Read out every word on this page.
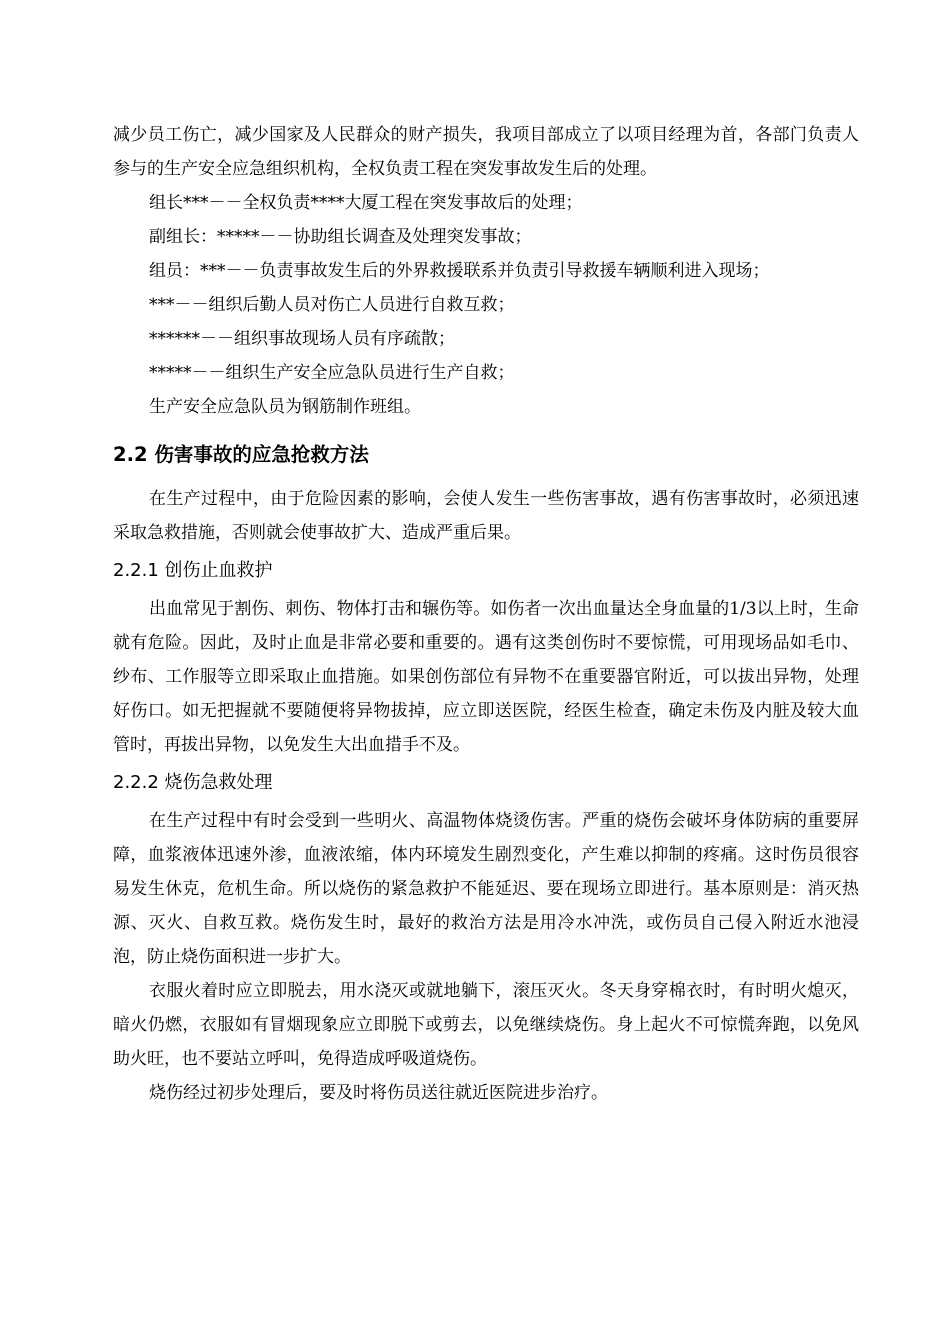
减少员工伤亡，减少国家及人民群众的财产损失，我项目部成立了以项目经理为首，各部门负责人参与的生产安全应急组织机构，全权负责工程在突发事故发生后的处理。

组长***－－全权负责****大厦工程在突发事故后的处理；

副组长：*****－－协助组长调查及处理突发事故；

组员：***－－负责事故发生后的外界救援联系并负责引导救援车辆顺利进入现场；

***－－组织后勤人员对伤亡人员进行自救互救；

******－－组织事故现场人员有序疏散；

*****－－组织生产安全应急队员进行生产自救；

生产安全应急队员为钢筋制作班组。

2.2 伤害事故的应急抢救方法

在生产过程中，由于危险因素的影响，会使人发生一些伤害事故，遇有伤害事故时，必须迅速采取急救措施，否则就会使事故扩大、造成严重后果。

2.2.1 创伤止血救护

出血常见于割伤、刺伤、物体打击和辗伤等。如伤者一次出血量达全身血量的1/3以上时，生命就有危险。因此，及时止血是非常必要和重要的。遇有这类创伤时不要惊慌，可用现场品如毛巾、纱布、工作服等立即采取止血措施。如果创伤部位有异物不在重要器官附近，可以拔出异物，处理好伤口。如无把握就不要随便将异物拔掉，应立即送医院，经医生检查，确定未伤及内脏及较大血管时，再拔出异物，以免发生大出血措手不及。

2.2.2 烧伤急救处理

在生产过程中有时会受到一些明火、高温物体烧烫伤害。严重的烧伤会破坏身体防病的重要屏障，血浆液体迅速外渗，血液浓缩，体内环境发生剧烈变化，产生难以抑制的疼痛。这时伤员很容易发生休克，危机生命。所以烧伤的紧急救护不能延迟、要在现场立即进行。基本原则是：消灭热源、灭火、自救互救。烧伤发生时，最好的救治方法是用冷水冲洗，或伤员自己侵入附近水池浸泡，防止烧伤面积进一步扩大。

衣服火着时应立即脱去，用水浇灭或就地躺下，滚压灭火。冬天身穿棉衣时，有时明火熄灭，暗火仍燃，衣服如有冒烟现象应立即脱下或剪去，以免继续烧伤。身上起火不可惊慌奔跑，以免风助火旺，也不要站立呼叫，免得造成呼吸道烧伤。

烧伤经过初步处理后，要及时将伤员送往就近医院进步治疗。
